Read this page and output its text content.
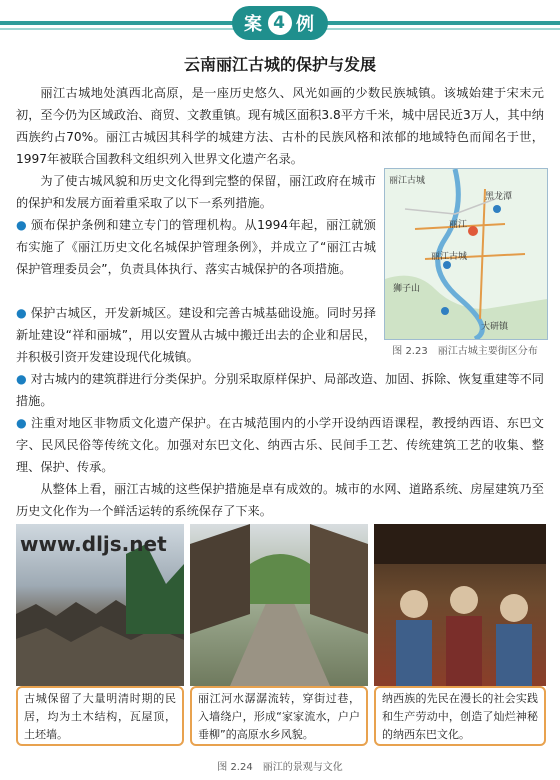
案 4 例
云南丽江古城的保护与发展
丽江古城地处滇西北高原，是一座历史悠久、风光如画的少数民族城镇。该城始建于宋末元初，至今仍为区域政治、商贸、文教重镇。现有城区面积3.8平方千米，城中居民近3万人，其中纳西族约占70%。丽江古城因其科学的城建方法、古朴的民族风格和浓郁的地域特色而闻名于世，1997年被联合国教科文组织列入世界文化遗产名录。
为了使古城风貌和历史文化得到完整的保留，丽江政府在城市的保护和发展方面着重采取了以下一系列措施。
● 颁布保护条例和建立专门的管理机构。从1994年起，丽江就颁布实施了《丽江历史文化名城保护管理条例》，并成立了“丽江古城保护管理委员会”，负责具体执行、落实古城保护的各项措施。
● 保护古城区，开发新城区。建设和完善古城基础设施。同时另择新址建设“祥和丽城”，用以安置从古城中搬迁出去的企业和居民，并积极引资开发建设现代化城镇。
● 对古城内的建筑群进行分类保护。分别采取原样保护、局部改造、加固、拆除、恢复重建等不同措施。
● 注重对地区非物质文化遗产保护。在古城范围内的小学开设纳西语课程，教授纳西语、东巴文字、民风民俗等传统文化。加强对东巴文化、纳西古乐、民间手工艺、传统建筑工艺的收集、整理、保护、传承。
从整体上看，丽江古城的这些保护措施是卓有成效的。城市的水网、道路系统、房屋建筑乃至历史文化作为一个鲜活运转的系统保存了下来。
丽江古城
黑龙潭
丽江
丽江古城
狮子山
大研镇
图 2.23　丽江古城主要街区分布
www.dljs.net
古城保留了大量明清时期的民居，均为土木结构，瓦屋顶，土坯墙。
丽江河水潺潺流转，穿街过巷，入墙绕户，形成“家家流水，户户垂柳”的高原水乡风貌。
纳西族的先民在漫长的社会实践和生产劳动中，创造了灿烂神秘的纳西东巴文化。
图 2.24　丽江的景观与文化
